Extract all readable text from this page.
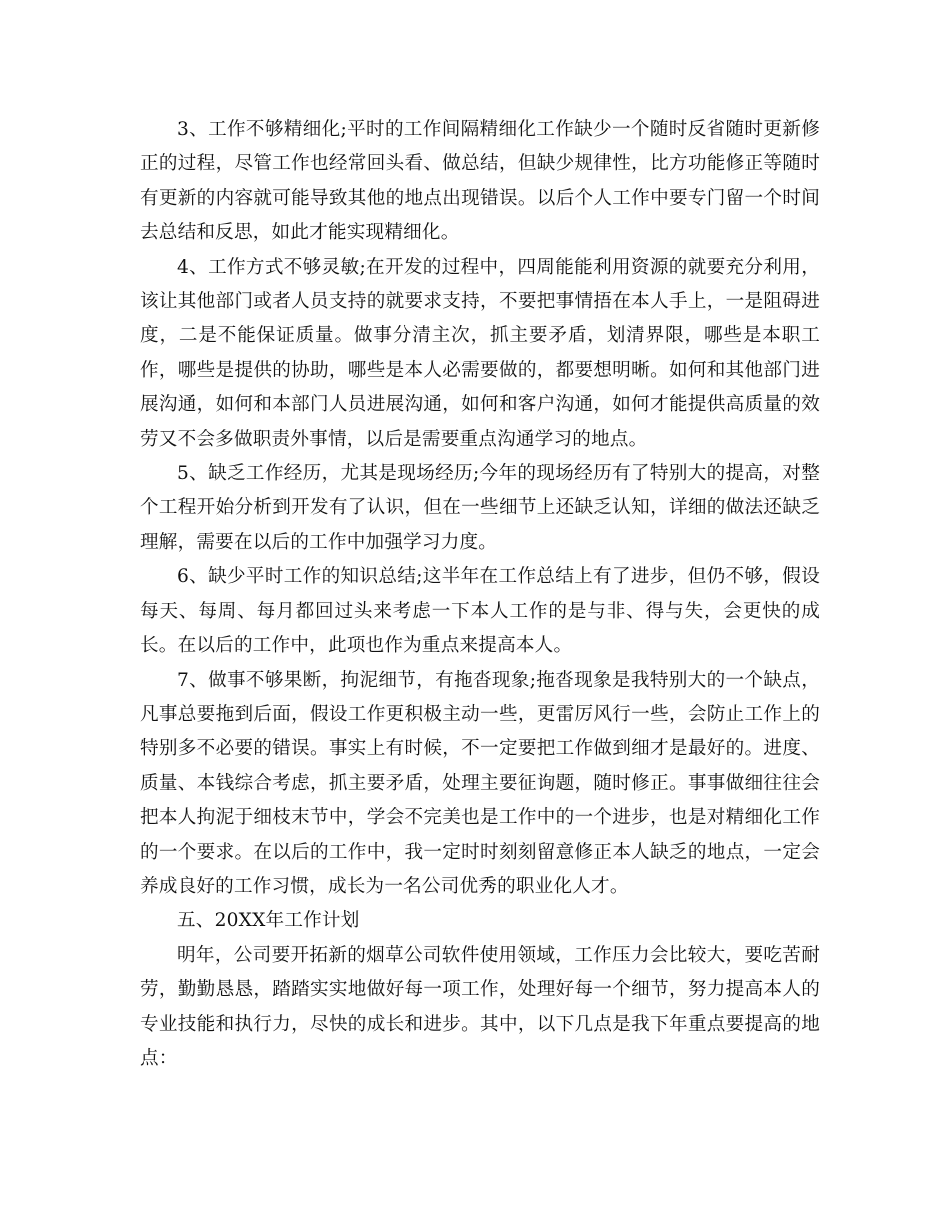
3、工作不够精细化;平时的工作间隔精细化工作缺少一个随时反省随时更新修正的过程，尽管工作也经常回头看、做总结，但缺少规律性，比方功能修正等随时有更新的内容就可能导致其他的地点出现错误。以后个人工作中要专门留一个时间去总结和反思，如此才能实现精细化。

4、工作方式不够灵敏;在开发的过程中，四周能能利用资源的就要充分利用，该让其他部门或者人员支持的就要求支持，不要把事情捂在本人手上，一是阻碍进度，二是不能保证质量。做事分清主次，抓主要矛盾，划清界限，哪些是本职工作，哪些是提供的协助，哪些是本人必需要做的，都要想明晰。如何和其他部门进展沟通，如何和本部门人员进展沟通，如何和客户沟通，如何才能提供高质量的效劳又不会多做职责外事情，以后是需要重点沟通学习的地点。

5、缺乏工作经历，尤其是现场经历;今年的现场经历有了特别大的提高，对整个工程开始分析到开发有了认识，但在一些细节上还缺乏认知，详细的做法还缺乏理解，需要在以后的工作中加强学习力度。

6、缺少平时工作的知识总结;这半年在工作总结上有了进步，但仍不够，假设每天、每周、每月都回过头来考虑一下本人工作的是与非、得与失，会更快的成长。在以后的工作中，此项也作为重点来提高本人。

7、做事不够果断，拘泥细节，有拖沓现象;拖沓现象是我特别大的一个缺点，凡事总要拖到后面，假设工作更积极主动一些，更雷厉风行一些，会防止工作上的特别多不必要的错误。事实上有时候，不一定要把工作做到细才是最好的。进度、质量、本钱综合考虑，抓主要矛盾，处理主要征询题，随时修正。事事做细往往会把本人拘泥于细枝末节中，学会不完美也是工作中的一个进步，也是对精细化工作的一个要求。在以后的工作中，我一定时时刻刻留意修正本人缺乏的地点，一定会养成良好的工作习惯，成长为一名公司优秀的职业化人才。

五、20XX年工作计划

明年，公司要开拓新的烟草公司软件使用领域，工作压力会比较大，要吃苦耐劳，勤勤恳恳，踏踏实实地做好每一项工作，处理好每一个细节，努力提高本人的专业技能和执行力，尽快的成长和进步。其中，以下几点是我下年重点要提高的地点：
